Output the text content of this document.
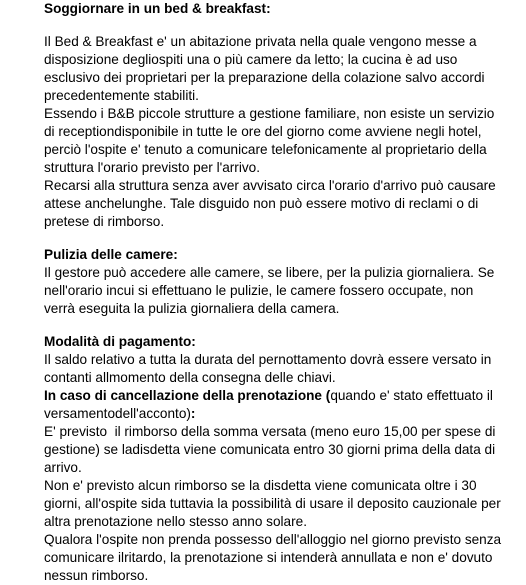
Soggiornare in un bed & breakfast:
Il Bed & Breakfast e' un abitazione privata nella quale vengono messe a
disposizione degliospiti una o più camere da letto; la cucina è ad uso
esclusivo dei proprietari per la preparazione della colazione salvo accordi
precedentemente stabiliti.
Essendo i B&B piccole strutture a gestione familiare, non esiste un servizio
di receptiondisponibile in tutte le ore del giorno come avviene negli hotel,
perciò l'ospite e' tenuto a comunicare telefonicamente al proprietario della
struttura l'orario previsto per l'arrivo.
Recarsi alla struttura senza aver avvisato circa l'orario d'arrivo può causare
attese anchelunghe. Tale disguido non può essere motivo di reclami o di
pretese di rimborso.
Pulizia delle camere:
Il gestore può accedere alle camere, se libere, per la pulizia giornaliera. Se
nell'orario incui si effettuano le pulizie, le camere fossero occupate, non
verrà eseguita la pulizia giornaliera della camera.
Modalità di pagamento:
Il saldo relativo a tutta la durata del pernottamento dovrà essere versato in
contanti allmomento della consegna delle chiavi.
In caso di cancellazione della prenotazione (quando e' stato effettuato il
versamentodell'acconto):
E' previsto  il rimborso della somma versata (meno euro 15,00 per spese di
gestione) se ladisdetta viene comunicata entro 30 giorni prima della data di
arrivo.
Non e' previsto alcun rimborso se la disdetta viene comunicata oltre i 30
giorni, all'ospite sida tuttavia la possibilità di usare il deposito cauzionale per
altra prenotazione nello stesso anno solare.
Qualora l'ospite non prenda possesso dell'alloggio nel giorno previsto senza
comunicare ilritardo, la prenotazione si intenderà annullata e non e' dovuto
nessun rimborso.
